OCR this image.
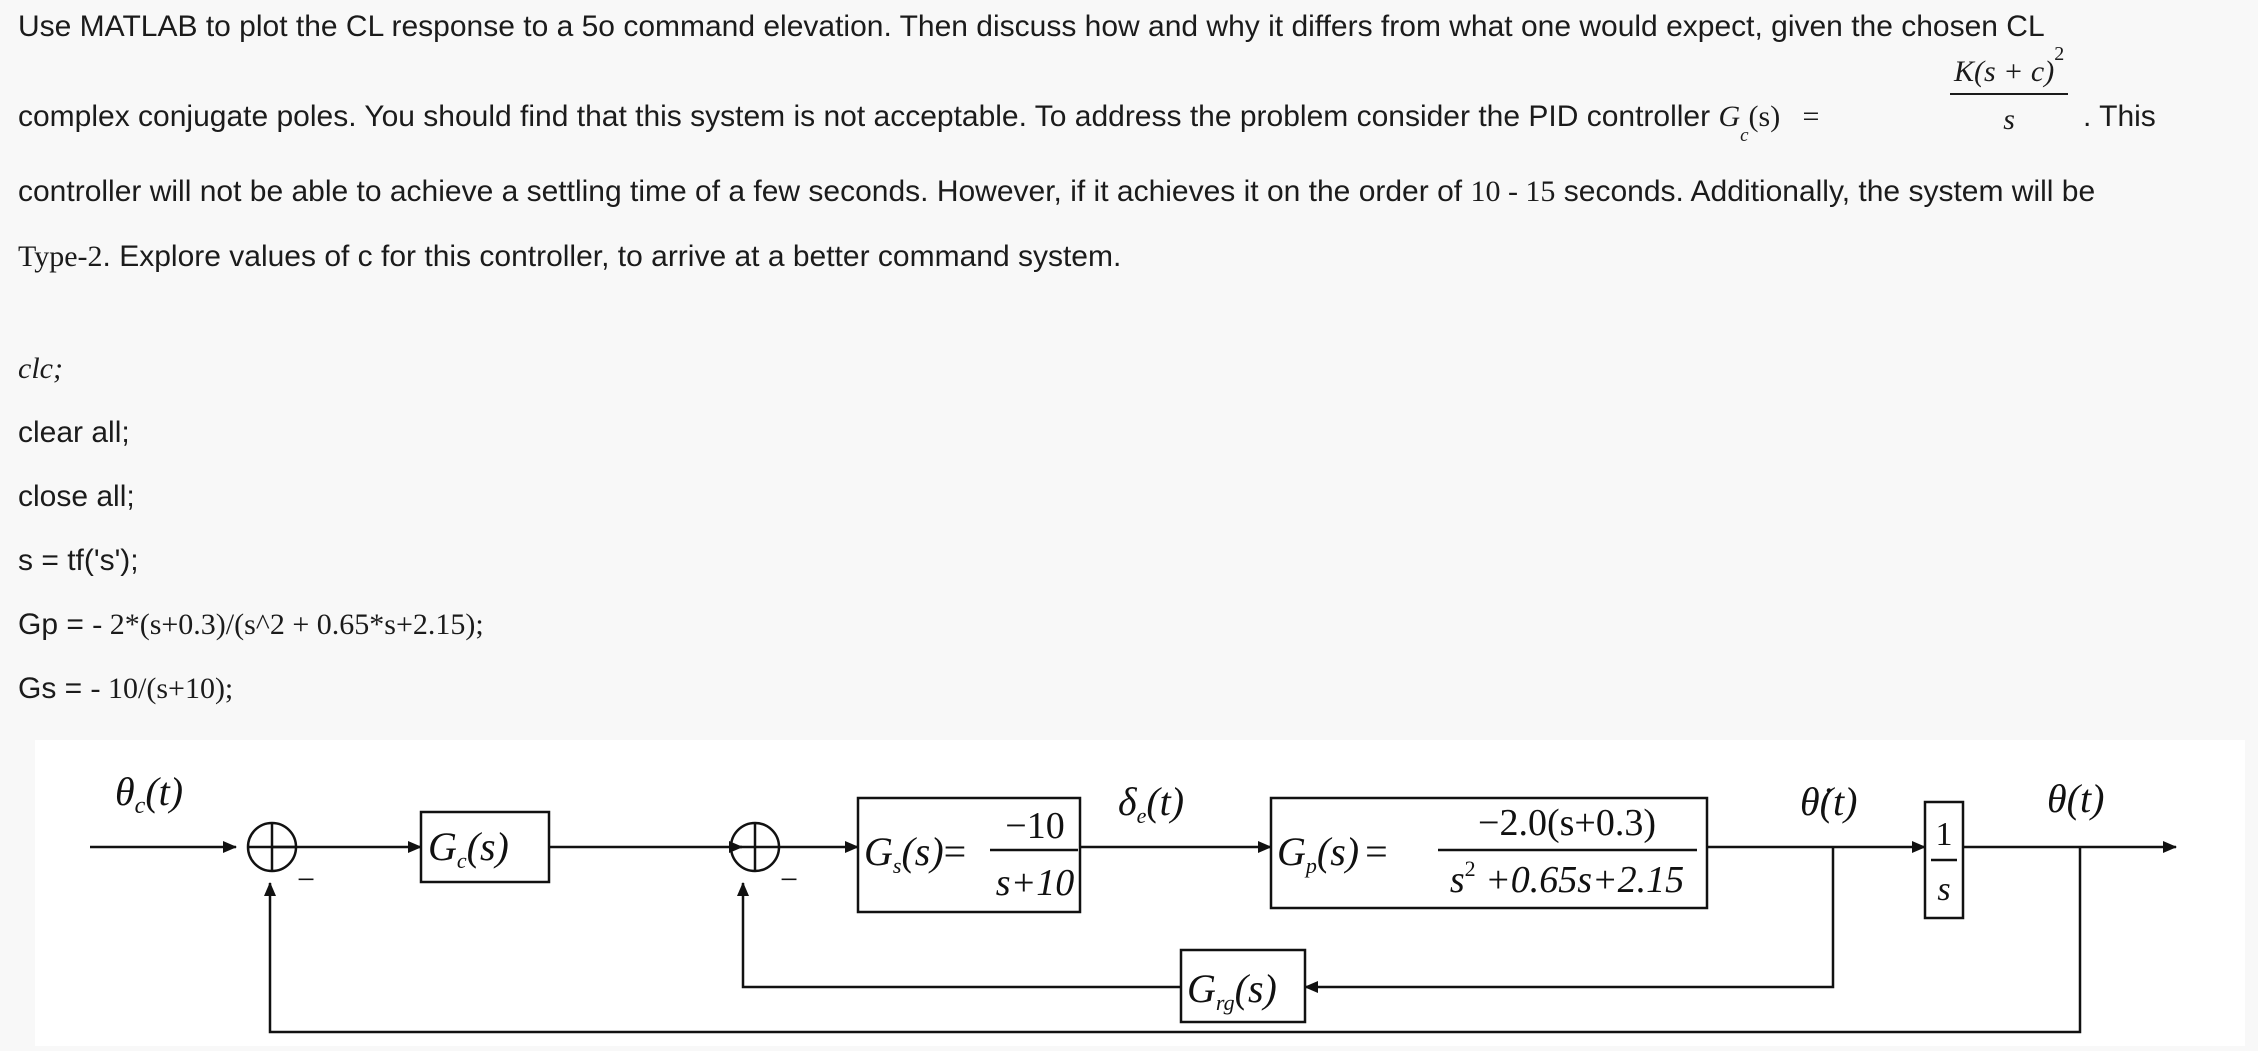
Use MATLAB to plot the CL response to a 5o command elevation. Then discuss how and why it differs from what one would expect, given the chosen CL
complex conjugate poles. You should find that this system is not acceptable. To address the problem consider the PID controller $G_c(s)$ =	$\frac{K(s + c)^2}{s}$ . This
controller will not be able to achieve a settling time of a few seconds. However, if it achieves it on the order of 10 - 15 seconds. Additionally, the system will be
Type-2. Explore values of c for this controller, to arrive at a better command system.
clc;
clear all;
close all;
s = tf('s');
Gp = - 2*(s+0.3)/(s^2 + 0.65*s+2.15);
Gs = - 10/(s+10);
−	−
$\theta_c(t)$
$G_c(s)$	$G_s(s)=$
−10
s+10
$\delta_e(t)$
$G_p(s)$ =
−2.0(s+0.3)
$s^2 +0.65s+2.15$
θ̇(t)
1
s
θ(t)
$G_{rg}(s)$
